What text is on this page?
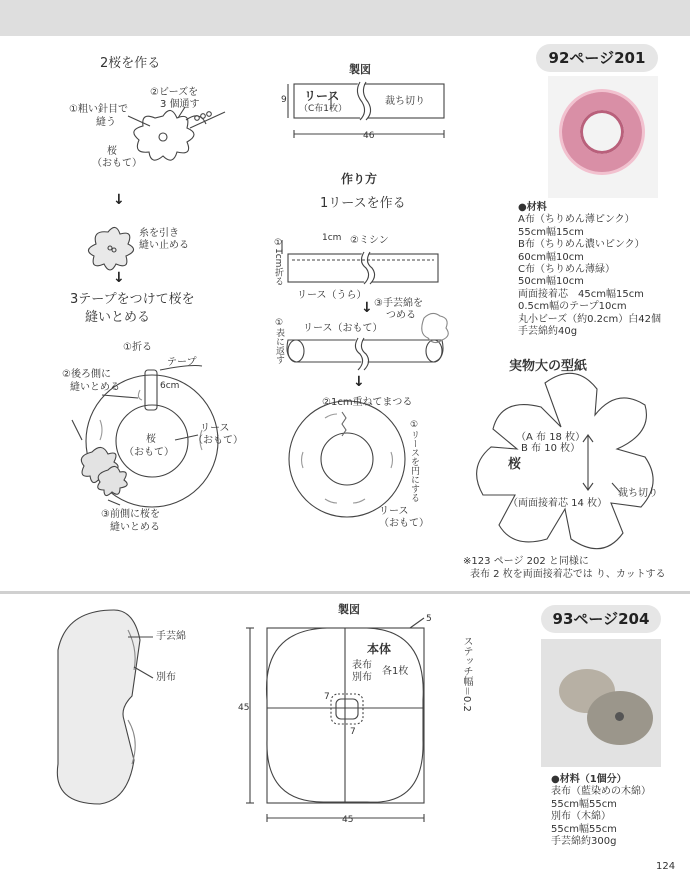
92ページ201
2桜を作る
①粗い針目で
縫う
②ビーズを
3 個通す
桜
（おもて）
↓
糸を引き
縫い止める
↓
3テープをつけて桜を
縫いとめる
①折る
テープ
6cm
②後ろ側に
縫いとめる
桜
（おもて）
リース
（おもて）
③前側に桜を
縫いとめる
製図
リース
（C布1枚）
裁ち切り
9
46
作り方
1リースを作る
1cm ②ミシン
①1cm折る
リース（うら）
↓ ③手芸綿を
つめる
①表に返す リース（おもて）
↓
②1cm重ねてまつる
①リースを円にする
リース
（おもて）
●材料
A布（ちりめん薄ピンク）
55cm幅15cm
B布（ちりめん濃いピンク）
60cm幅10cm
C布（ちりめん薄緑）
50cm幅10cm
両面接着芯　45cm幅15cm
0.5cm幅のテープ10cm
丸小ビーズ（約0.2cm）白42個
手芸綿約40g
実物大の型紙
（A 布 18 枚）
B 布 10 枚）
桜
裁ち切り
（両面接着芯 14 枚）
※123 ページ 202 と同様に
表布 2 枚を両面接着芯では り、カットする
手芸綿
別布
製図
5
本体
表布
別布
各1枚
7
7
45
45
ステッチ幅＝0.2
93ページ204
●材料（1個分）
表布（藍染めの木綿）
55cm幅55cm
別布（木綿）
55cm幅55cm
手芸綿約300g
124
